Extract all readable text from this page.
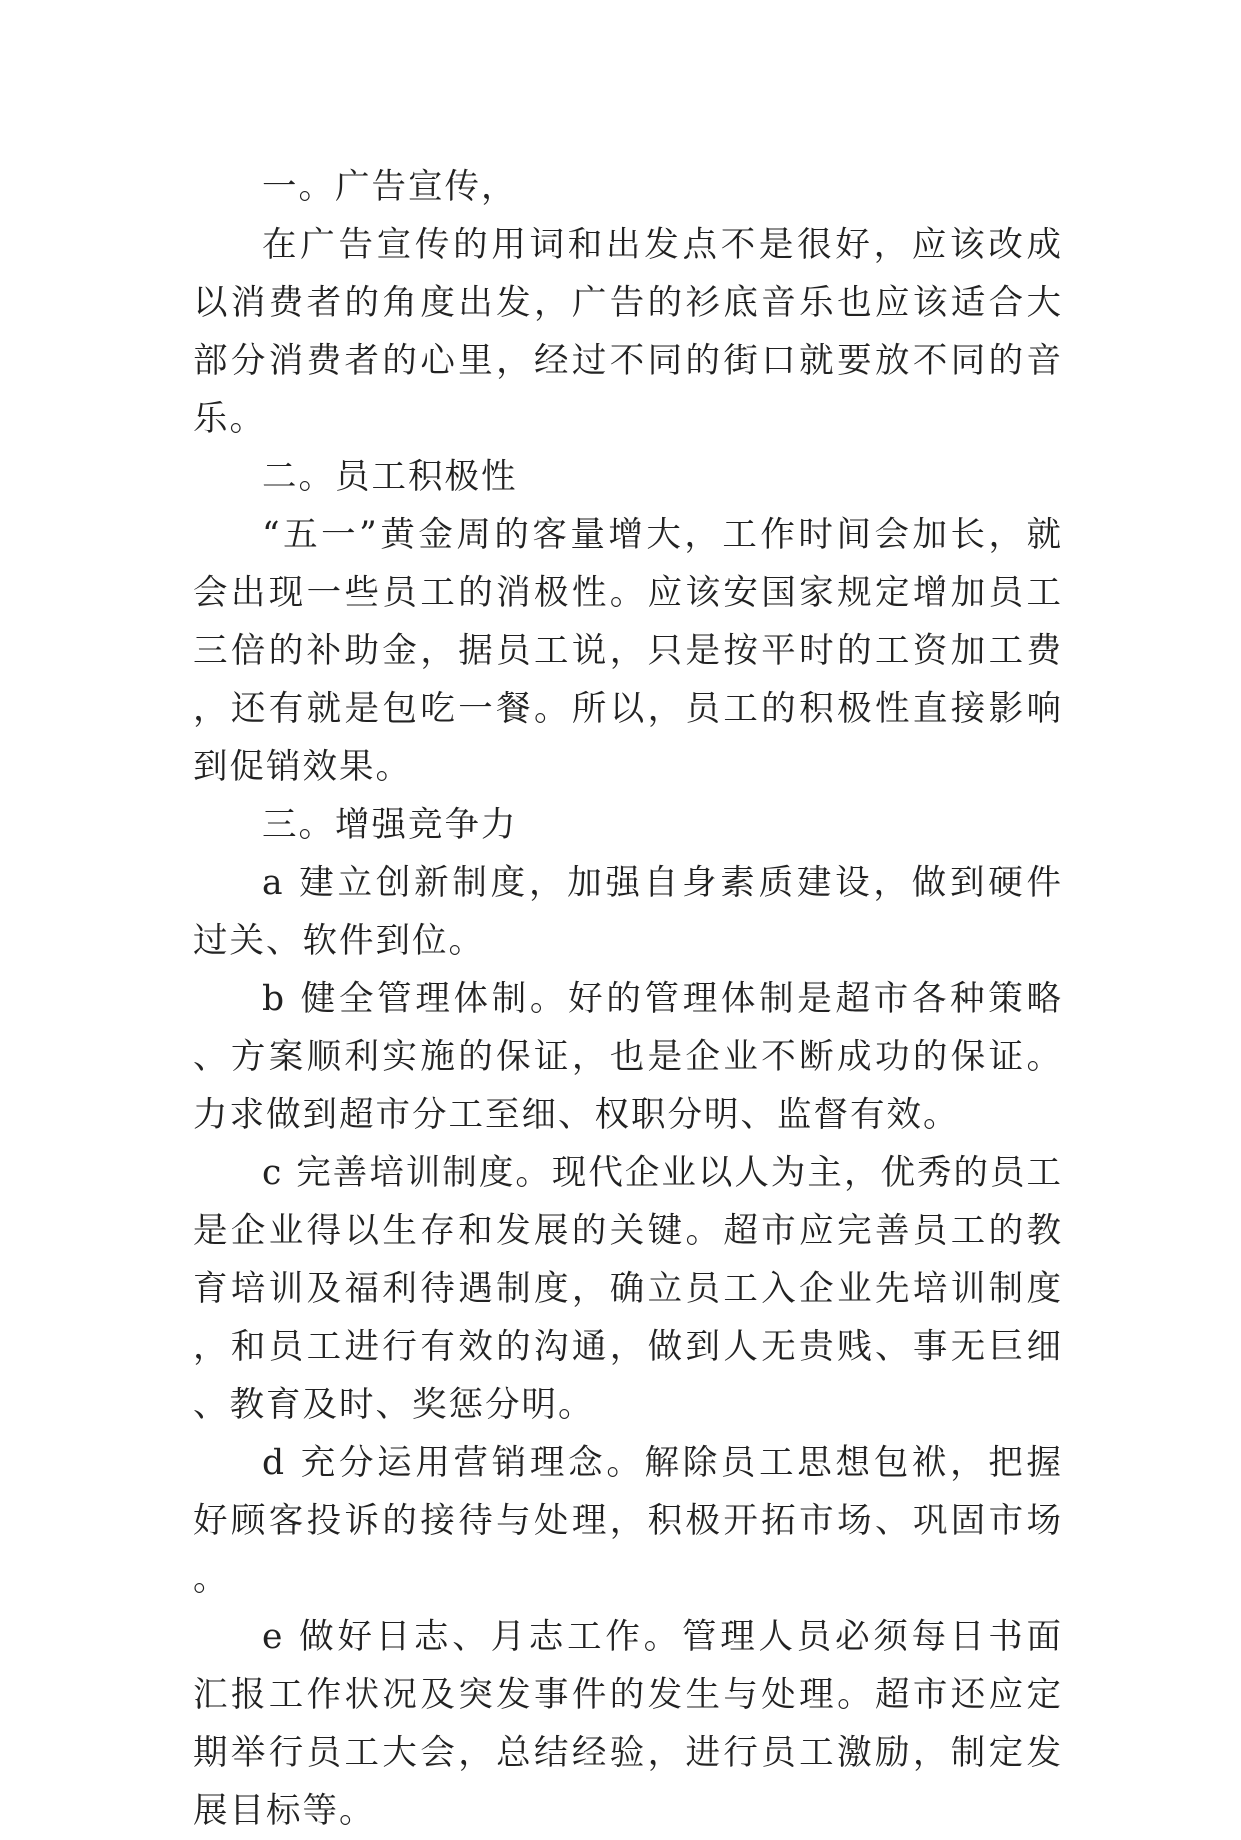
一。广告宣传，

在广告宣传的用词和出发点不是很好，应该改成以消费者的角度出发，广告的衫底音乐也应该适合大部分消费者的心里，经过不同的街口就要放不同的音乐。

二。员工积极性

“五一”黄金周的客量增大，工作时间会加长，就会出现一些员工的消极性。应该安国家规定增加员工三倍的补助金，据员工说，只是按平时的工资加工费，还有就是包吃一餐。所以，员工的积极性直接影响到促销效果。

三。增强竞争力

a 建立创新制度，加强自身素质建设，做到硬件过关、软件到位。

b 健全管理体制。好的管理体制是超市各种策略、方案顺利实施的保证，也是企业不断成功的保证。力求做到超市分工至细、权职分明、监督有效。

c 完善培训制度。现代企业以人为主，优秀的员工是企业得以生存和发展的关键。超市应完善员工的教育培训及福利待遇制度，确立员工入企业先培训制度，和员工进行有效的沟通，做到人无贵贱、事无巨细、教育及时、奖惩分明。

d 充分运用营销理念。解除员工思想包袱，把握好顾客投诉的接待与处理，积极开拓市场、巩固市场。

e 做好日志、月志工作。管理人员必须每日书面汇报工作状况及突发事件的发生与处理。超市还应定期举行员工大会，总结经验，进行员工激励，制定发展目标等。
